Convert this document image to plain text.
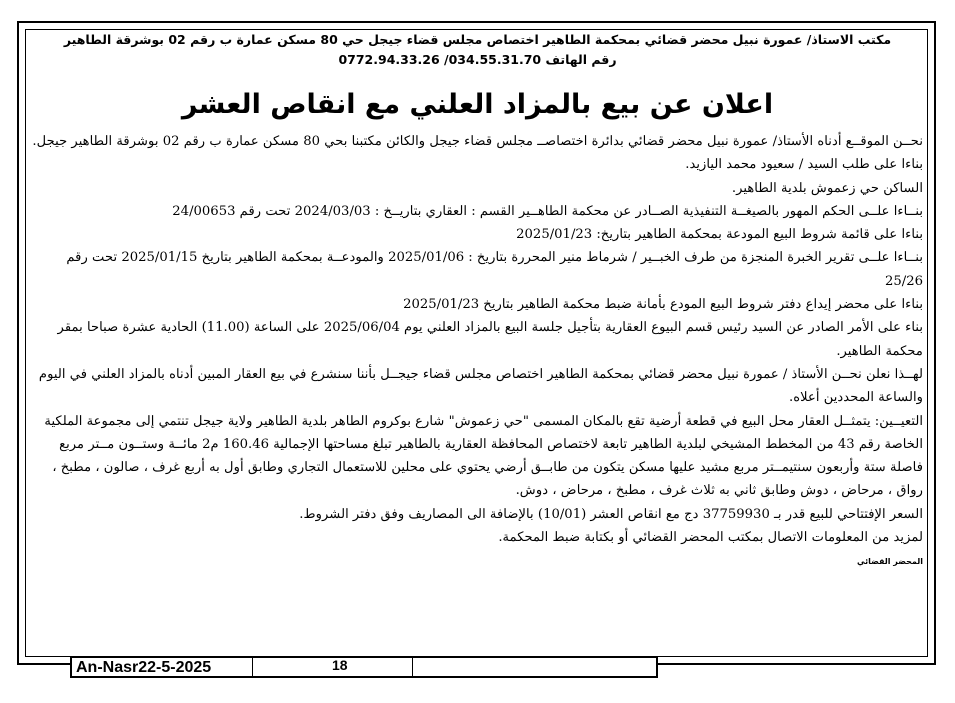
مكتب الاستاذ/ عمورة نبيل محضر قضائي بمحكمة الطاهير اختصاص مجلس قضاء جيجل حي 80 مسكن عمارة ب رقم 02 بوشرقة الطاهير
رقم الهاتف 034.55.31.70/ 0772.94.33.26
اعلان عن بيع بالمزاد العلني مع انقاص العشر

نحــن الموقــع أدناه الأستاذ/ عمورة نبيل محضر قضائي بدائرة اختصاصــ مجلس قضاء جيجل والكائن مكتبنا بحي 80 مسكن عمارة ب رقم 02 بوشرقة الطاهير جيجل.

بناءا على طلب السيد / سعيود محمد اليازيد.

الساكن حي زعموش بلدية الطاهير.

بنــاءا علــى الحكم المهور بالصيغــة التنفيذية الصــادر عن محكمة الطاهــير القسم : العقاري بتاريــخ : 2024/03/03 تحت رقم 24/00653

بناءا على قائمة شروط البيع المودعة بمحكمة الطاهير بتاريخ: 2025/01/23

بنــاءا علــى تقرير الخبرة المنجزة من طرف الخبــير / شرماط منير المحررة بتاريخ : 2025/01/06 والمودعــة بمحكمة الطاهير بتاريخ 2025/01/15 تحت رقم 25/26

بناءا على محضر إيداع دفتر شروط البيع المودع بأمانة ضبط محكمة الطاهير بتاريخ 2025/01/23

بناء على الأمر الصادر عن السيد رئيس قسم البيوع العقارية بتأجيل جلسة البيع بالمزاد العلني يوم 2025/06/04 على الساعة (11.00) الحادية عشرة صباحا بمقر محكمة الطاهير.

لهــذا نعلن نحــن الأستاذ / عمورة نبيل محضر قضائي بمحكمة الطاهير اختصاص مجلس قضاء جيجــل بأننا سنشرع في بيع العقار المبين أدناه بالمزاد العلني في اليوم والساعة المحددين أعلاه.

التعيــين: يتمثــل العقار محل البيع في قطعة أرضية تقع بالمكان المسمى "حي زعموش" شارع بوكروم الطاهر بلدية الطاهير ولاية جيجل تنتمي إلى مجموعة الملكية الخاصة رقم 43 من المخطط المشيخي لبلدية الطاهير تابعة لاختصاص المحافظة العقارية بالطاهير تبلغ مساحتها الإجمالية 160.46 م2 مائــة وستــون مــتر مربع فاصلة ستة وأربعون سنتيمــتر مربع مشيد عليها مسكن يتكون من طابــق أرضي يحتوي على محلين للاستعمال التجاري وطابق أول به أربع غرف ، صالون ، مطبخ ، رواق ، مرحاض ، دوش وطابق ثاني به ثلاث غرف ، مطبخ ، مرحاض ، دوش.

السعر الإفتتاحي للبيع قدر بـ 37759930 دج مع انقاص العشر (10/01) بالإضافة الى المصاريف وفق دفتر الشروط.

لمزيد من المعلومات الاتصال بمكتب المحضر القضائي أو بكتابة ضبط المحكمة.

المحضر القضائي
An-Nasr22-5-2025	18
